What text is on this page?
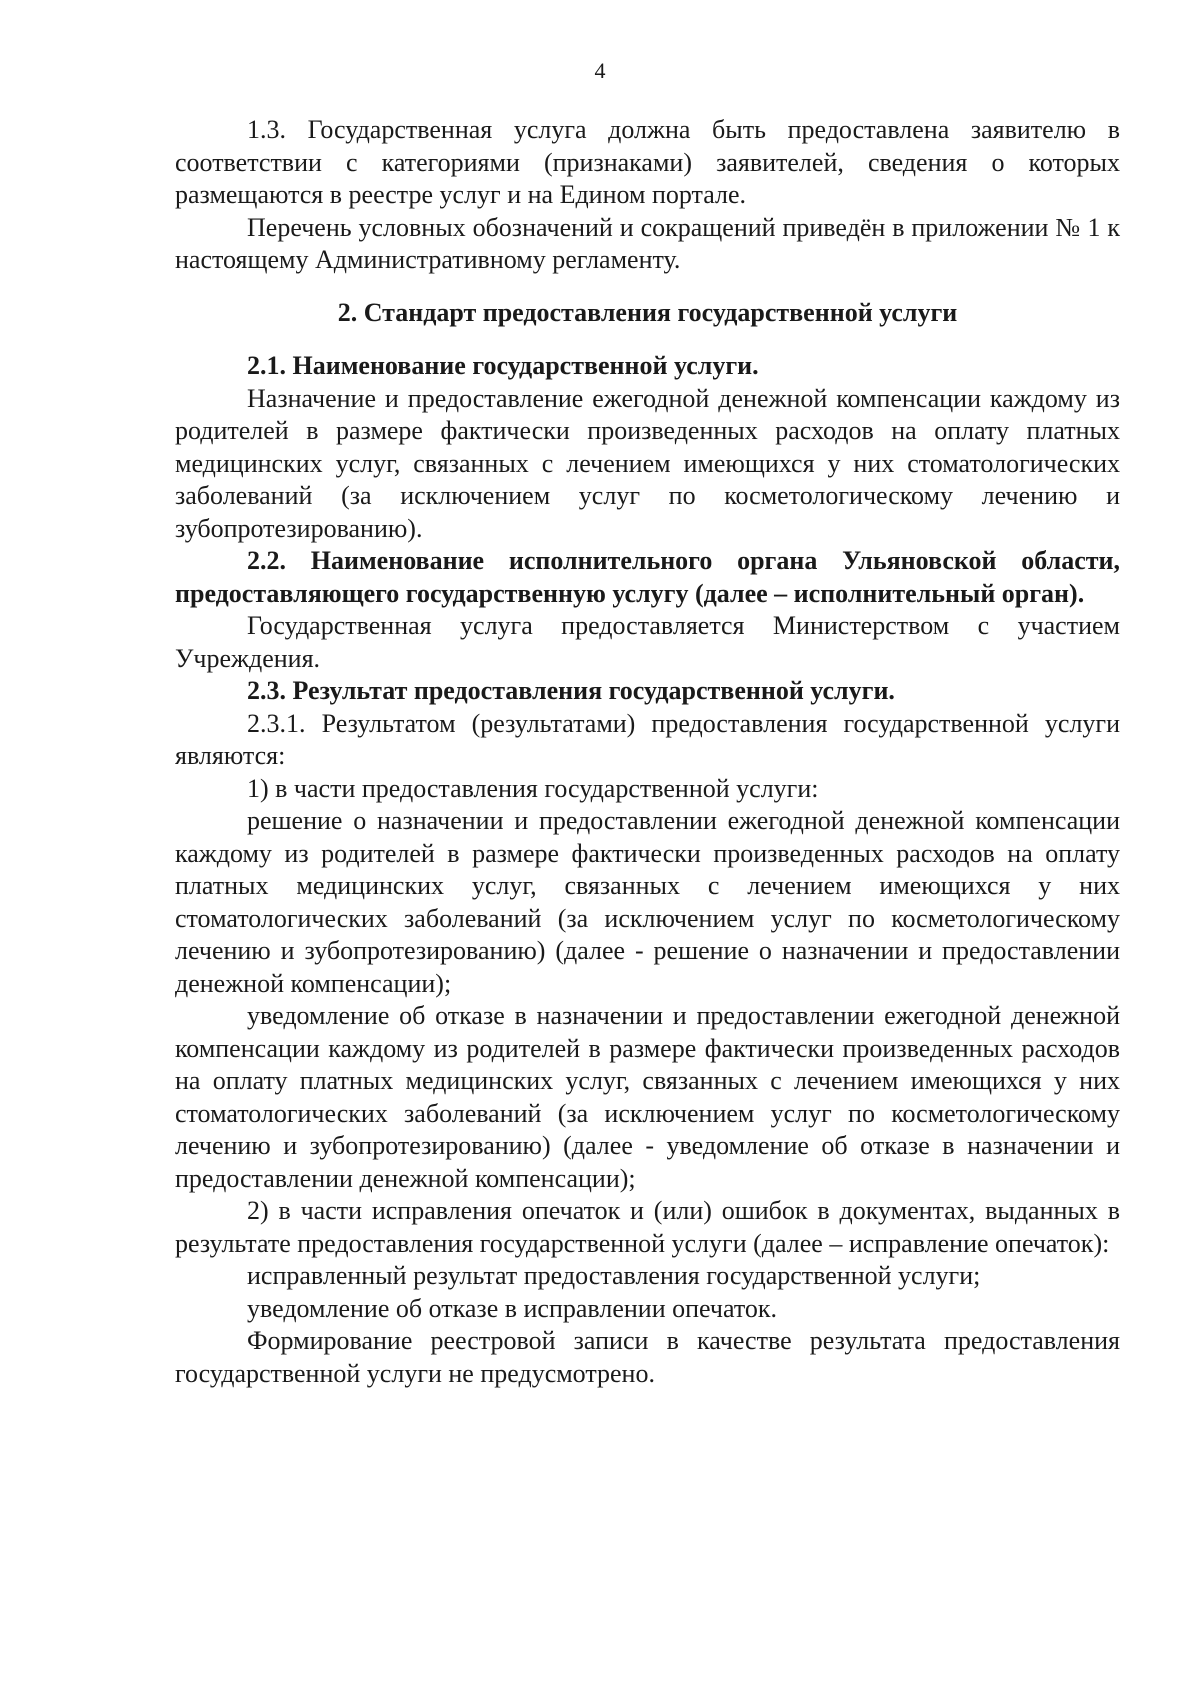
4

1.3. Государственная услуга должна быть предоставлена заявителю в соответствии с категориями (признаками) заявителей, сведения о которых размещаются в реестре услуг и на Едином портале.

Перечень условных обозначений и сокращений приведён в приложении № 1 к настоящему Административному регламенту.

2. Стандарт предоставления государственной услуги

2.1. Наименование государственной услуги.

Назначение и предоставление ежегодной денежной компенсации каждому из родителей в размере фактически произведенных расходов на оплату платных медицинских услуг, связанных с лечением имеющихся у них стоматологических заболеваний (за исключением услуг по косметологическому лечению и зубопротезированию).

2.2. Наименование исполнительного органа Ульяновской области, предоставляющего государственную услугу (далее – исполнительный орган).

Государственная услуга предоставляется Министерством с участием Учреждения.

2.3. Результат предоставления государственной услуги.

2.3.1. Результатом (результатами) предоставления государственной услуги являются:

1) в части предоставления государственной услуги:

решение о назначении и предоставлении ежегодной денежной компенсации каждому из родителей в размере фактически произведенных расходов на оплату платных медицинских услуг, связанных с лечением имеющихся у них стоматологических заболеваний (за исключением услуг по косметологическому лечению и зубопротезированию) (далее - решение о назначении и предоставлении денежной компенсации);

уведомление об отказе в назначении и предоставлении ежегодной денежной компенсации каждому из родителей в размере фактически произведенных расходов на оплату платных медицинских услуг, связанных с лечением имеющихся у них стоматологических заболеваний (за исключением услуг по косметологическому лечению и зубопротезированию) (далее - уведомление об отказе в назначении и предоставлении денежной компенсации);

2) в части исправления опечаток и (или) ошибок в документах, выданных в результате предоставления государственной услуги (далее – исправление опечаток):

исправленный результат предоставления государственной услуги;

уведомление об отказе в исправлении опечаток.

Формирование реестровой записи в качестве результата предоставления государственной услуги не предусмотрено.
